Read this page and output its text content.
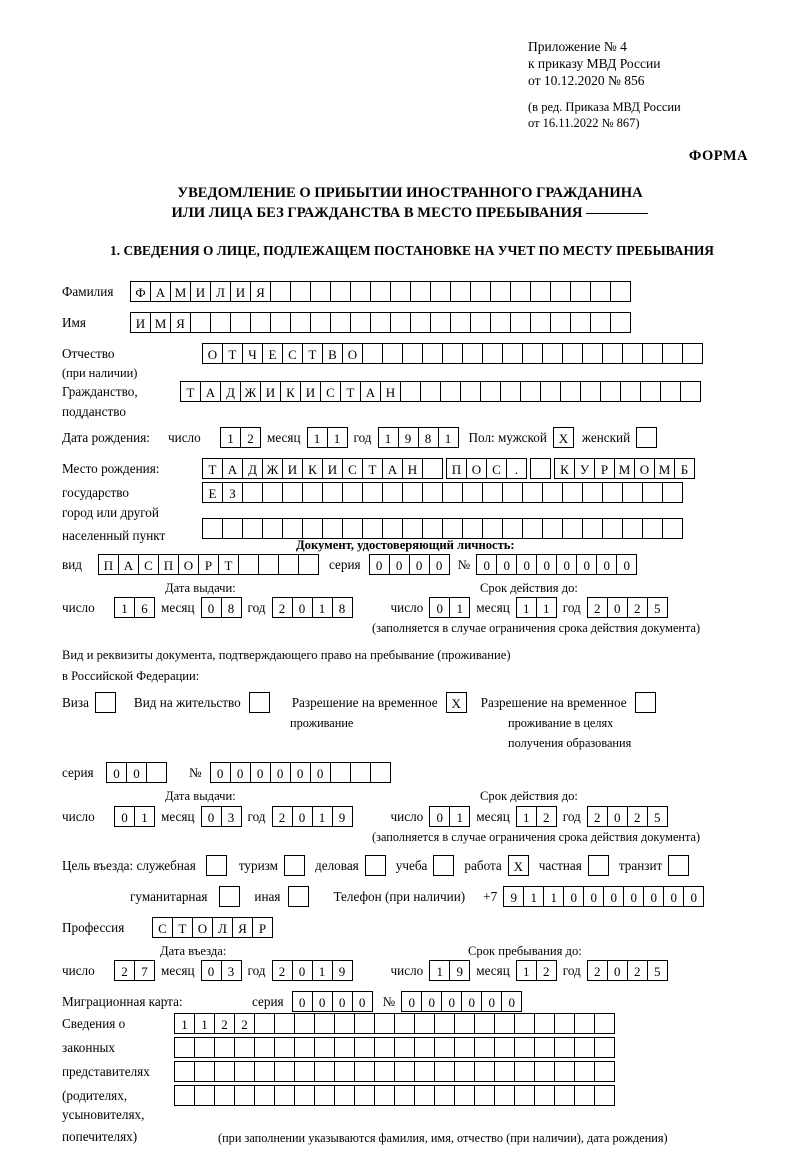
Приложение № 4
к приказу МВД России
от 10.12.2020 № 856
(в ред. Приказа МВД России
от 16.11.2022 № 867)
ФОРМА
УВЕДОМЛЕНИЕ О ПРИБЫТИИ ИНОСТРАННОГО ГРАЖДАНИНА
ИЛИ ЛИЦА БЕЗ ГРАЖДАНСТВА В МЕСТО ПРЕБЫВАНИЯ
1. СВЕДЕНИЯ О ЛИЦЕ, ПОДЛЕЖАЩЕМ ПОСТАНОВКЕ НА УЧЕТ ПО МЕСТУ ПРЕБЫВАНИЯ
Фамилия	Ф А М И Л И Я
Имя	И М Я
Отчество	О Т Ч Е С Т В О
(при наличии)
Гражданство,	Т А Д Ж И К И С Т А Н
подданство
Дата рождения:	число	1	2	месяц	1	1	год	1	9	8	1	Пол: мужской X	женский
Место рождения:	Т А Д Ж И К И С Т А Н	П О С	.	К У Р М О М Б
государство	Е З
город или другой
населенный пункт
Документ, удостоверяющий личность:
вид	П А С П О Р Т	серия	0	0	0	0	№	0	0	0	0	0	0	0	0
Дата выдачи:	Срок действия до:
число	1	6	месяц	0	8	год	2	0	1	8	число	0	1	месяц	1	1	год	2	0	2	5
(заполняется в случае ограничения срока действия документа)
Вид и реквизиты документа, подтверждающего право на пребывание (проживание)
в Российской Федерации:
Виза	Вид на жительство	Разрешение на временное	X	Разрешение на временное
проживание	проживание в целях
получения образования
серия	0	0	№	0	0	0	0	0	0
Дата выдачи:	Срок действия до:
число	0	1	месяц	0	3	год	2	0	1	9	число	0	1	месяц	1	2	год	2	0	2	5
(заполняется в случае ограничения срока действия документа)
Цель въезда: служебная	туризм	деловая	учеба	работа X	частная	транзит
гуманитарная	иная	Телефон (при наличии)	+7	9	1	1	0	0	0	0	0	0	0
Профессия	С Т О Л Я Р
Дата въезда:	Срок пребывания до:
число	2	7	месяц	0	3	год	2	0	1	9	число	1	9	месяц	1	2	год	2	0	2	5
Миграционная карта:	серия	0	0	0	0	№	0	0	0	0	0	0
Сведения о	1	1	2	2
законных
представителях
(родителях,
усыновителях,
попечителях)	(при заполнении указываются фамилия, имя, отчество (при наличии), дата рождения)
